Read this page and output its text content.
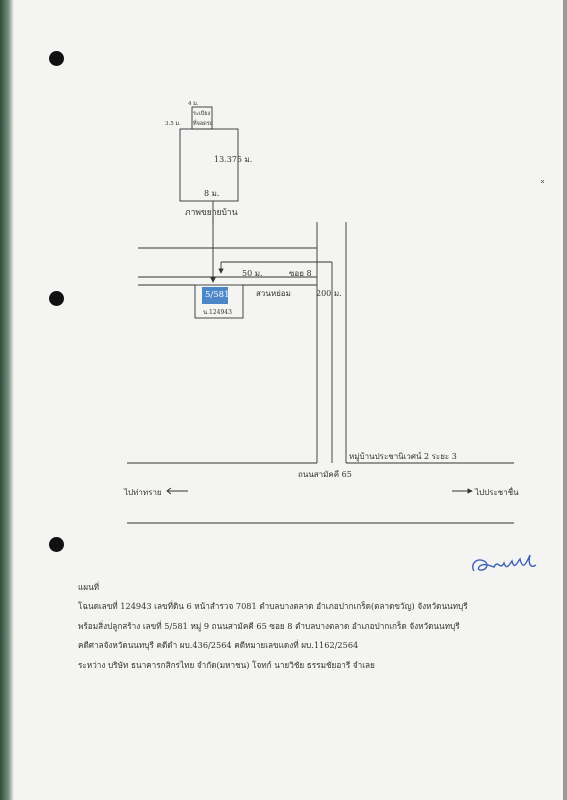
4 ม.
ระเบียง
3.5 ม. ที่จอดรถ
13.375 ม.
8 ม.
ภาพขยายบ้าน
50 ม.	ซอย 8
200 ม.
สวนหย่อม
5/581
น.124943
หมู่บ้านประชานิเวศน์ 2 ระยะ 3
ถนนสามัคคี 65
ไปท่าทราย	ไปประชาชื่น
แผนที่
โฉนดเลขที่ 124943 เลขที่ดิน 6 หน้าสำรวจ 7081 ตำบลบางตลาด อำเภอปากเกร็ด(ตลาดขวัญ) จังหวัดนนทบุรี
พร้อมสิ่งปลูกสร้าง เลขที่ 5/581 หมู่ 9 ถนนสามัคคี 65 ซอย 8 ตำบลบางตลาด อำเภอปากเกร็ด จังหวัดนนทบุรี
คดีศาลจังหวัดนนทบุรี คดีดำ ผบ.436/2564 คดีหมายเลขแดงที่ ผบ.1162/2564
ระหว่าง บริษัท ธนาคารกสิกรไทย จำกัด(มหาชน) โจทก์ นายวิชัย ธรรมชัยอารี จำเลย
